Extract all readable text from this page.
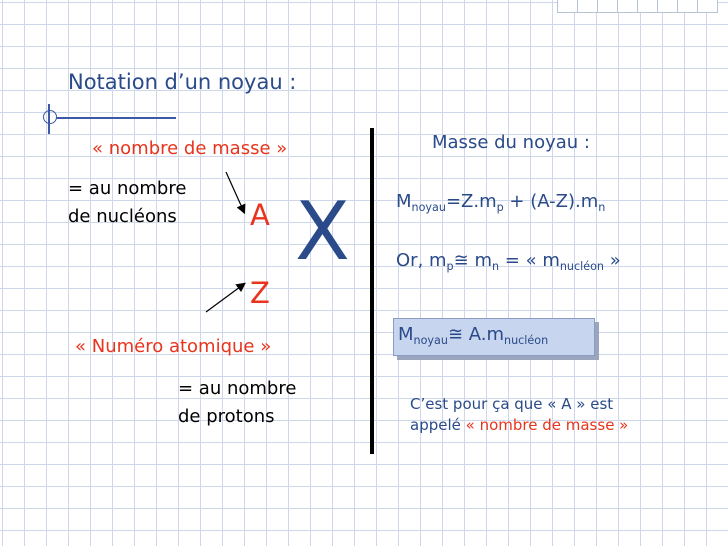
Notation d’un noyau :
« nombre de masse »
= au nombre
de nucléons	A X
Z
« Numéro atomique »
= au nombre
de protons
Masse du noyau :
$M_{noyau}=Z.m_p + (A-Z).m_n$
Or, $m_p≅$ $m_n$ = « $m_{nucléon}$ »
$M_{noyau}≅$ $A.m_{nucléon}$
C’est pour ça que « A » est
appelé « nombre de masse »
